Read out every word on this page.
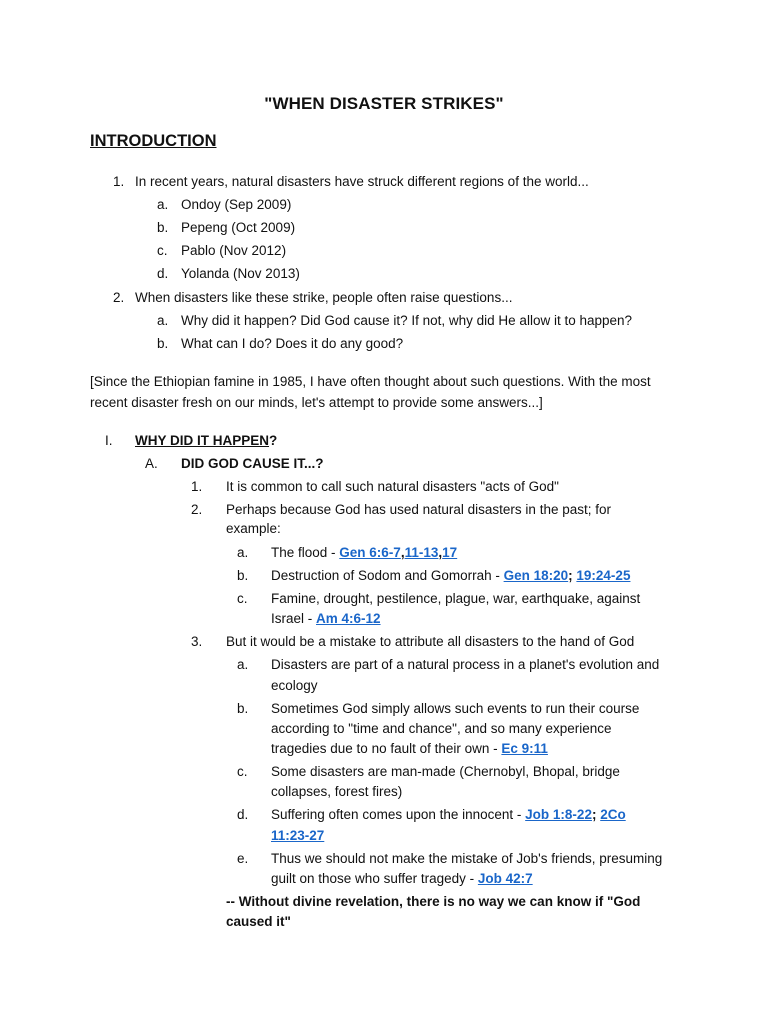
"WHEN DISASTER STRIKES"
INTRODUCTION
1. In recent years, natural disasters have struck different regions of the world...
a. Ondoy (Sep 2009)
b. Pepeng (Oct 2009)
c. Pablo (Nov 2012)
d. Yolanda (Nov 2013)
2. When disasters like these strike, people often raise questions...
a. Why did it happen? Did God cause it? If not, why did He allow it to happen?
b. What can I do? Does it do any good?
[Since the Ethiopian famine in 1985, I have often thought about such questions. With the most
recent disaster fresh on our minds, let's attempt to provide some answers...]
I. WHY DID IT HAPPEN?
A. DID GOD CAUSE IT...?
1. It is common to call such natural disasters "acts of God"
2. Perhaps because God has used natural disasters in the past; for
example:
a. The flood - Gen 6:6-7,11-13,17
b. Destruction of Sodom and Gomorrah - Gen 18:20; 19:24-25
c. Famine, drought, pestilence, plague, war, earthquake, against
Israel - Am 4:6-12
3. But it would be a mistake to attribute all disasters to the hand of God
a. Disasters are part of a natural process in a planet's evolution and
ecology
b. Sometimes God simply allows such events to run their course
according to "time and chance", and so many experience
tragedies due to no fault of their own - Ec 9:11
c. Some disasters are man-made (Chernobyl, Bhopal, bridge
collapses, forest fires)
d. Suffering often comes upon the innocent - Job 1:8-22; 2Co
11:23-27
e. Thus we should not make the mistake of Job's friends, presuming
guilt on those who suffer tragedy - Job 42:7
-- Without divine revelation, there is no way we can know if "God
caused it"
